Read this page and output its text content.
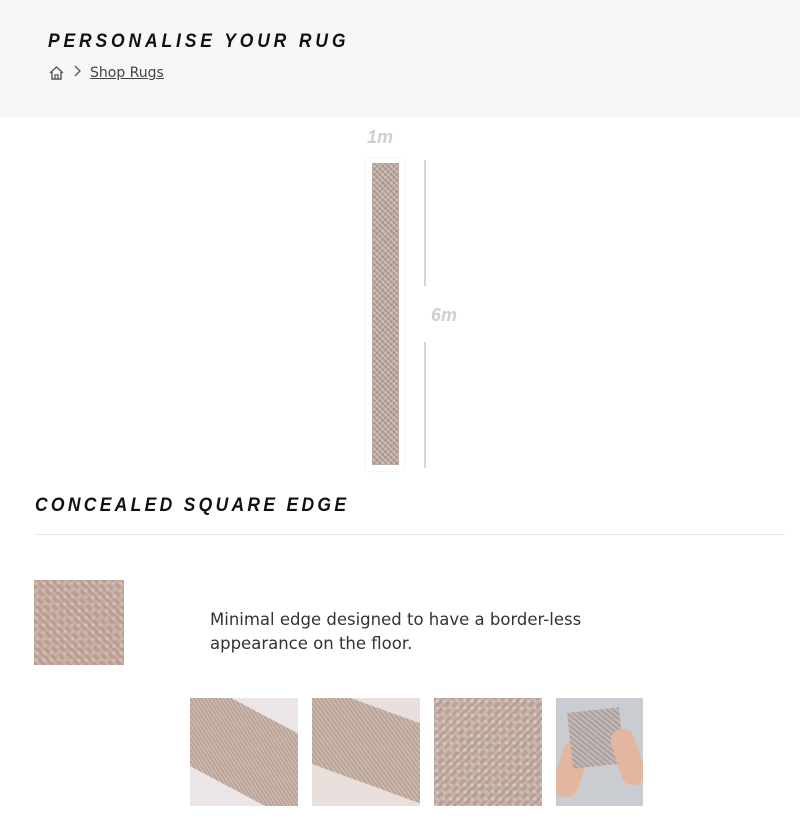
PERSONALISE YOUR RUG
Shop Rugs
1m
6m
CONCEALED SQUARE EDGE
Minimal edge designed to have a border-less appearance on the floor.
